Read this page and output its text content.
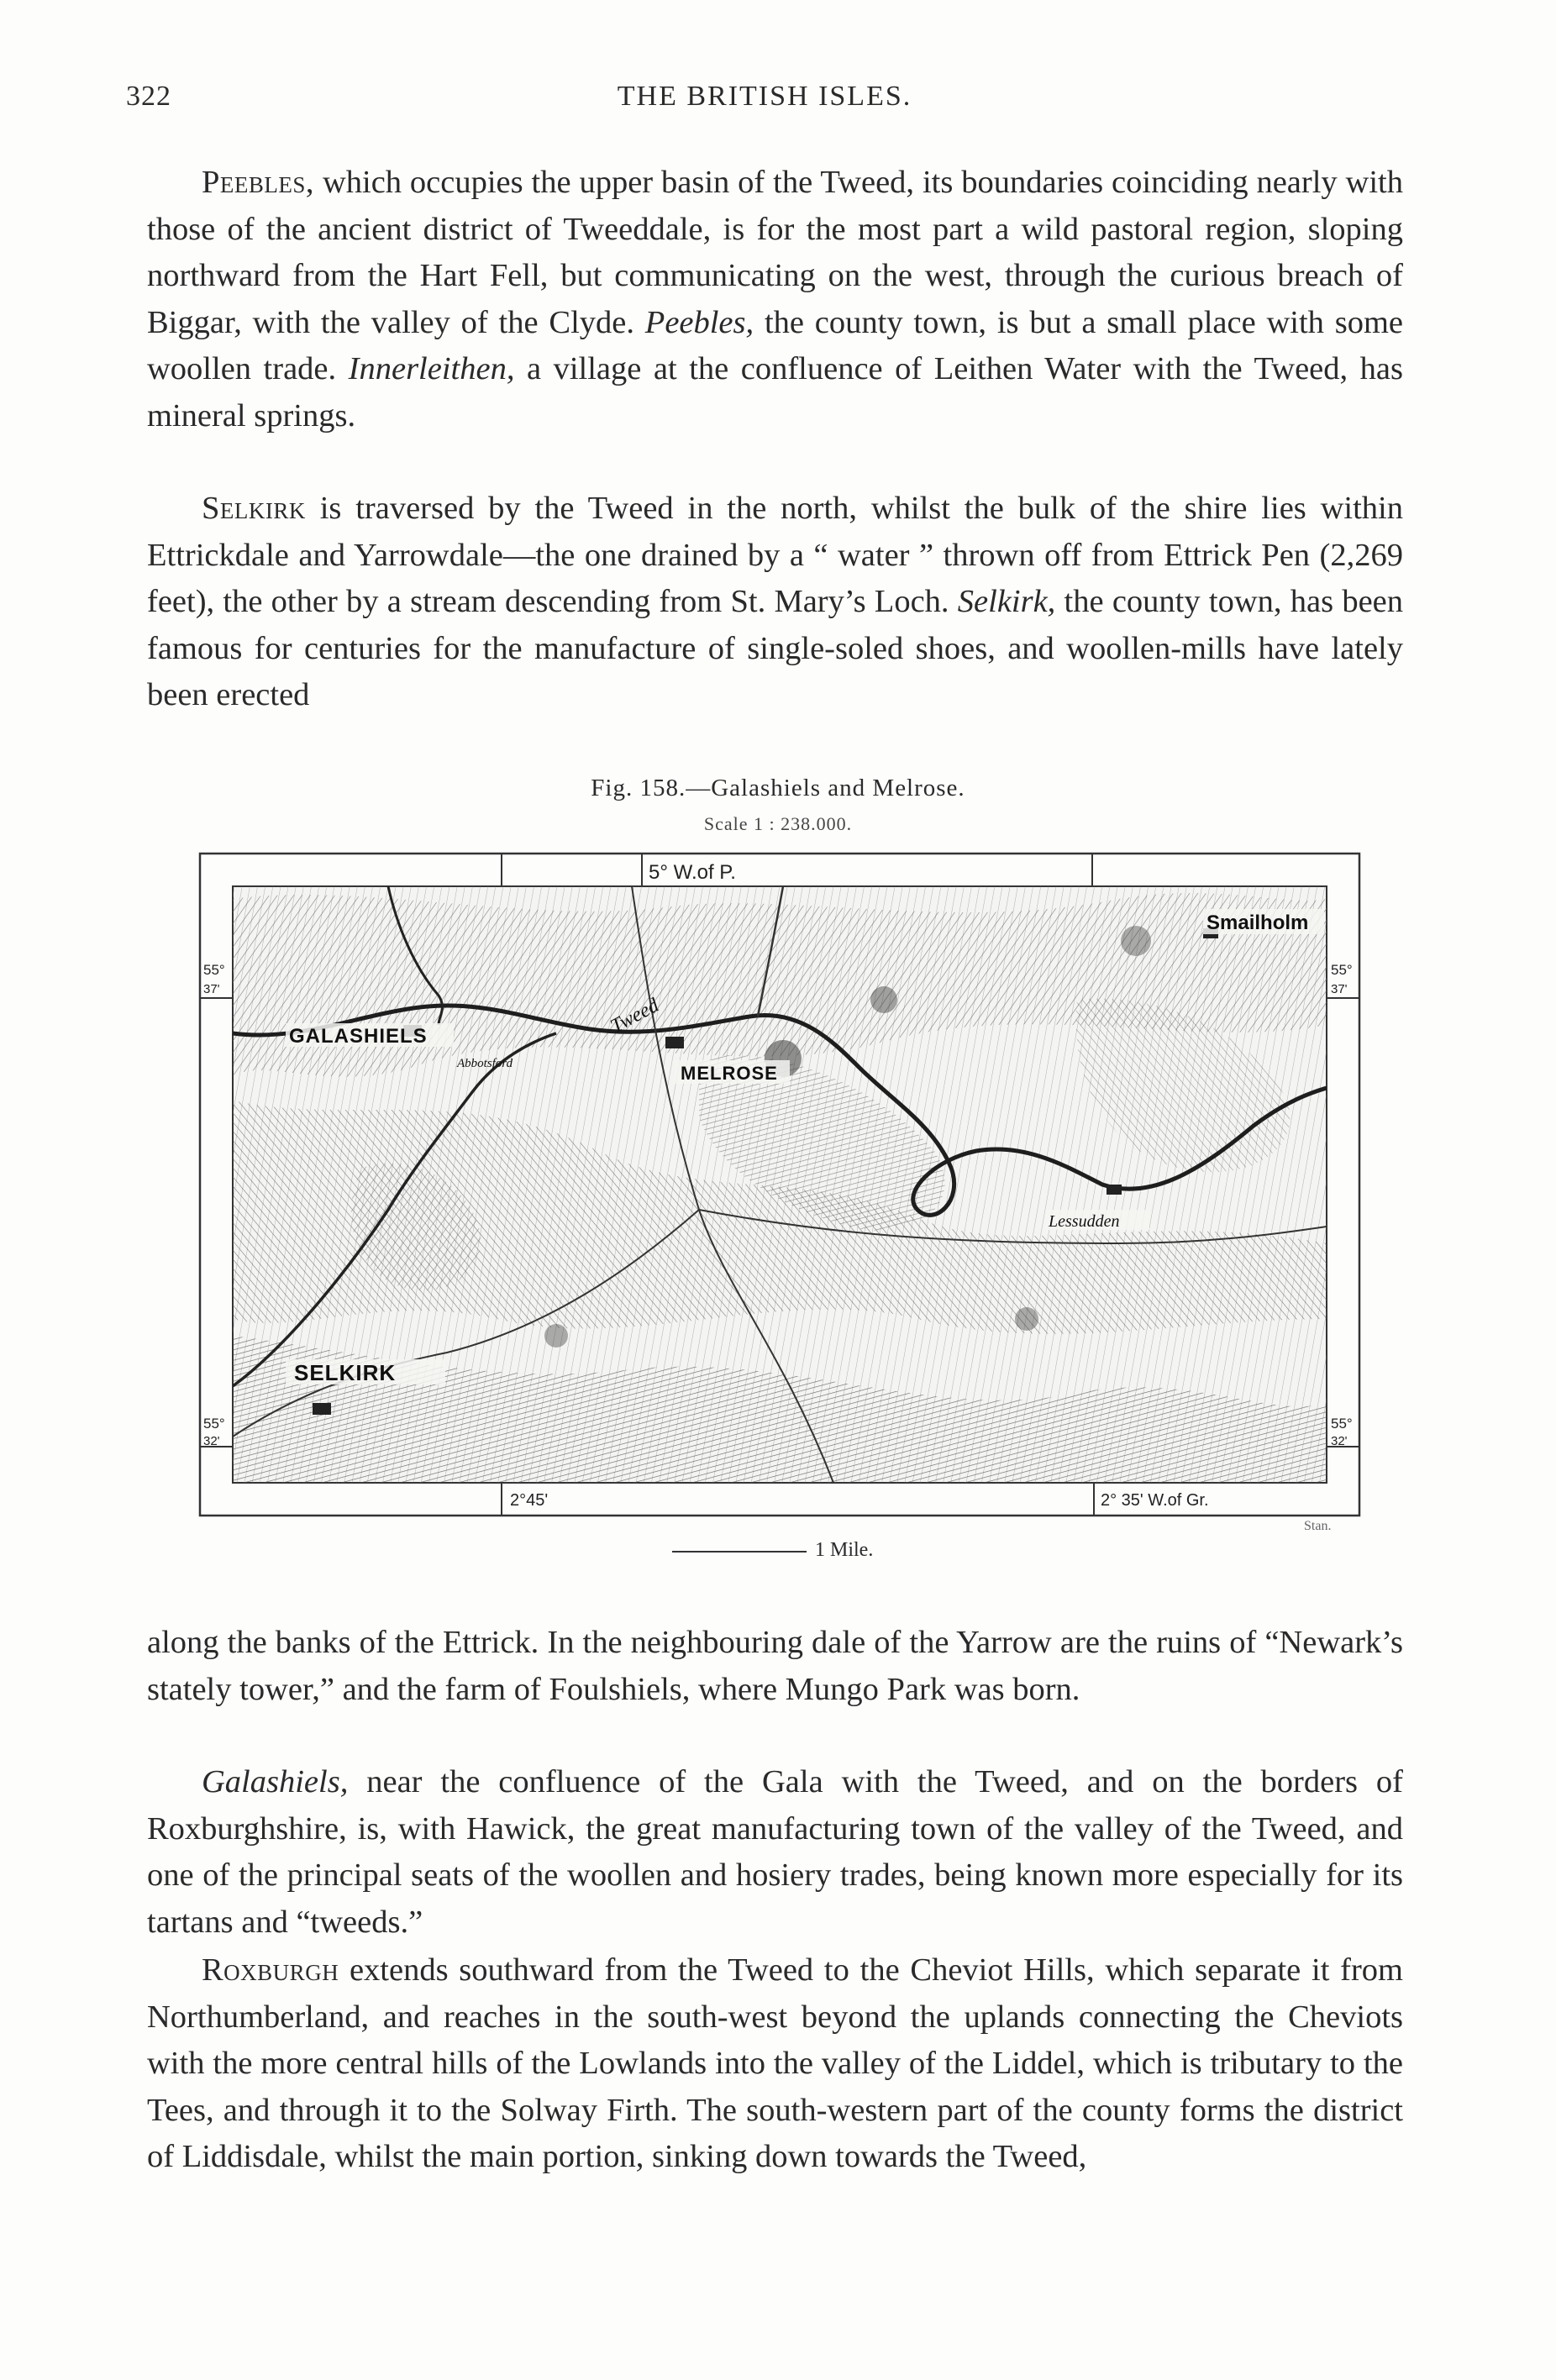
322	THE BRITISH ISLES.

Peebles, which occupies the upper basin of the Tweed, its boundaries coinciding nearly with those of the ancient district of Tweeddale, is for the most part a wild pastoral region, sloping northward from the Hart Fell, but communicating on the west, through the curious breach of Biggar, with the valley of the Clyde. Peebles, the county town, is but a small place with some woollen trade. Innerleithen, a village at the confluence of Leithen Water with the Tweed, has mineral springs.

Selkirk is traversed by the Tweed in the north, whilst the bulk of the shire lies within Ettrickdale and Yarrowdale—the one drained by a “ water ” thrown off from Ettrick Pen (2,269 feet), the other by a stream descending from St. Mary’s Loch. Selkirk, the county town, has been famous for centuries for the manufacture of single-soled shoes, and woollen-mills have lately been erected

Fig. 158.—Galashiels and Melrose.
Scale 1 : 238.000.
5° W.of P.
2°45'	2° 35' W.of Gr.
55°
37'
55°
37'
55°
32'
55°
32'
GALASHIELS
MELROSE
Smailholm
SELKIRK
Tweed
Lessudden
Abbotsford
1 Mile.
Stan.

along the banks of the Ettrick. In the neighbouring dale of the Yarrow are the ruins of “Newark’s stately tower,” and the farm of Foulshiels, where Mungo Park was born.

Galashiels, near the confluence of the Gala with the Tweed, and on the borders of Roxburghshire, is, with Hawick, the great manufacturing town of the valley of the Tweed, and one of the principal seats of the woollen and hosiery trades, being known more especially for its tartans and “tweeds.”

Roxburgh extends southward from the Tweed to the Cheviot Hills, which separate it from Northumberland, and reaches in the south-west beyond the uplands connecting the Cheviots with the more central hills of the Lowlands into the valley of the Liddel, which is tributary to the Tees, and through it to the Solway Firth. The south-western part of the county forms the district of Liddisdale, whilst the main portion, sinking down towards the Tweed,
